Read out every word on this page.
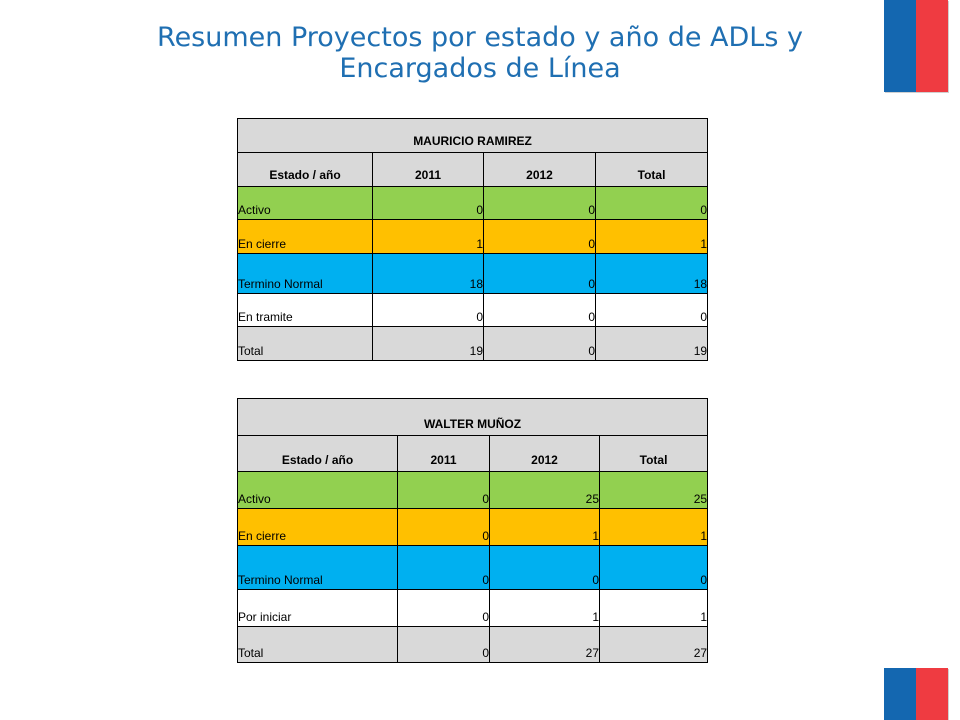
Resumen Proyectos por estado y año de ADLs y
Encargados de Línea
MAURICIO RAMIREZ			
Estado / año	2011	2012	Total
Activo	0	0	0
En cierre	1	0	1
Termino Normal	18	0	18
En tramite	0	0	0
Total	19	0	19
WALTER MUÑOZ			
Estado / año	2011	2012	Total
Activo	0	25	25
En cierre	0	1	1
Termino Normal	0	0	0
Por iniciar	0	1	1
Total	0	27	27
